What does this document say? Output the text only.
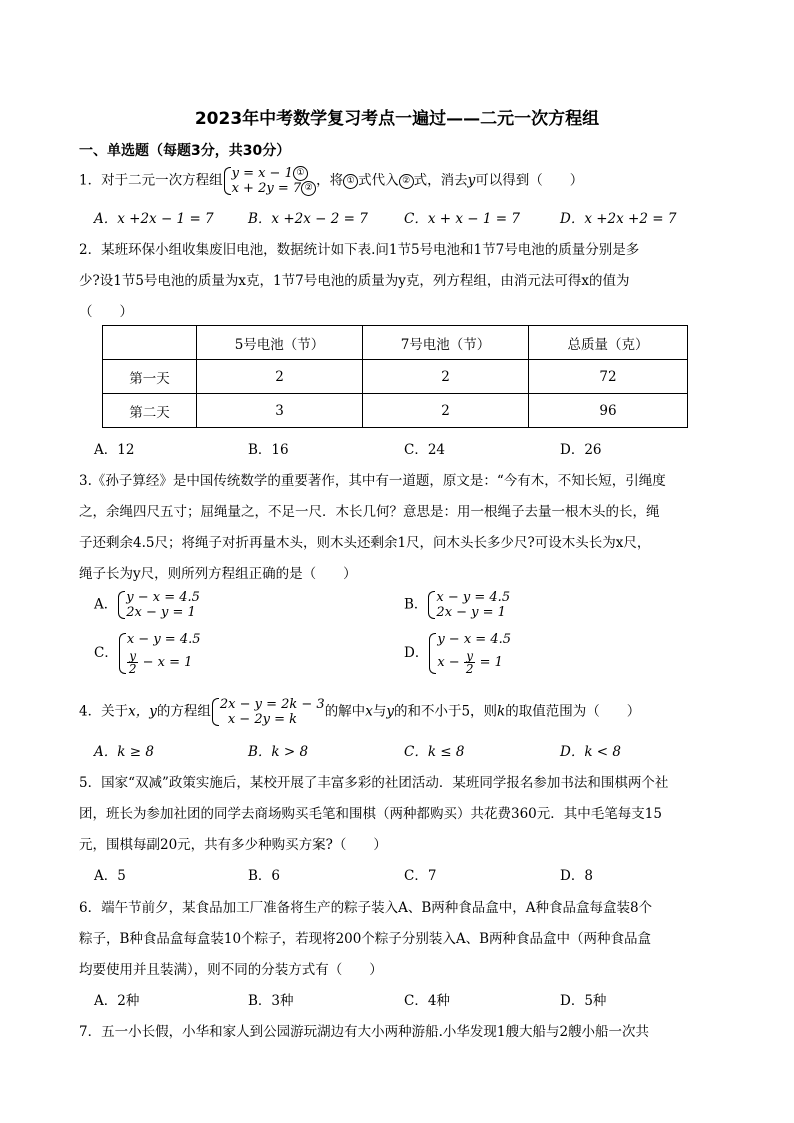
2023年中考数学复习考点一遍过——二元一次方程组
一、单选题（每题3分，共30分）
1．对于二元一次方程组 y = x − 1 ①
x + 2y = 7 ② ，将 ① 式代入 ② 式，消去y可以得到（　　）
A．x +2x − 1 = 7	B．x +2x − 2 = 7	C．x + x − 1 = 7	D．x +2x +2 = 7
2．某班环保小组收集废旧电池，数据统计如下表.问1节5号电池和1节7号电池的质量分别是多
少?设1节5号电池的质量为x克，1节7号电池的质量为y克，列方程组，由消元法可得x的值为
（　　）
	5号电池（节）	7号电池（节）	总质量（克）
第一天	2	2	72
第二天	3	2	96
A．12	B．16	C．24	D．26
3.《孙子算经》是中国传统数学的重要著作，其中有一道题，原文是：“今有木，不知长短，引绳度
之，余绳四尺五寸；屈绳量之，不足一尺．木长几何？意思是：用一根绳子去量一根木头的长，绳
子还剩余4.5尺；将绳子对折再量木头，则木头还剩余1尺，问木头长多少尺?可设木头长为x尺，
绳子长为y尺，则所列方程组正确的是（　　）
A． y − x = 4.5
2x − y = 1	B． x − y = 4.5
2x − y = 1
C．
x − y = 4.5
$\frac{y}{2} - x = 1$
D．
y − x = 4.5
$x - \frac{y}{2} = 1$
4．关于x，y的方程组 2x − y = 2k − 3
x − 2y = k	的解中x与y的和不小于5，则k的取值范围为（　　）
A．k ≥ 8	B．k > 8	C．k ≤ 8	D．k < 8
5．国家“双减”政策实施后，某校开展了丰富多彩的社团活动．某班同学报名参加书法和围棋两个社
团，班长为参加社团的同学去商场购买毛笔和围棋（两种都购买）共花费360元．其中毛笔每支15
元，围棋每副20元，共有多少种购买方案?（　　）
A．5	B．6	C．7	D．8
6．端午节前夕，某食品加工厂准备将生产的粽子装入A、B两种食品盒中，A种食品盒每盒装8个
粽子，B种食品盒每盒装10个粽子，若现将200个粽子分别装入A、B两种食品盒中（两种食品盒
均要使用并且装满），则不同的分装方式有（　　）
A．2种	B．3种	C．4种	D．5种
7．五一小长假，小华和家人到公园游玩湖边有大小两种游船.小华发现1艘大船与2艘小船一次共
